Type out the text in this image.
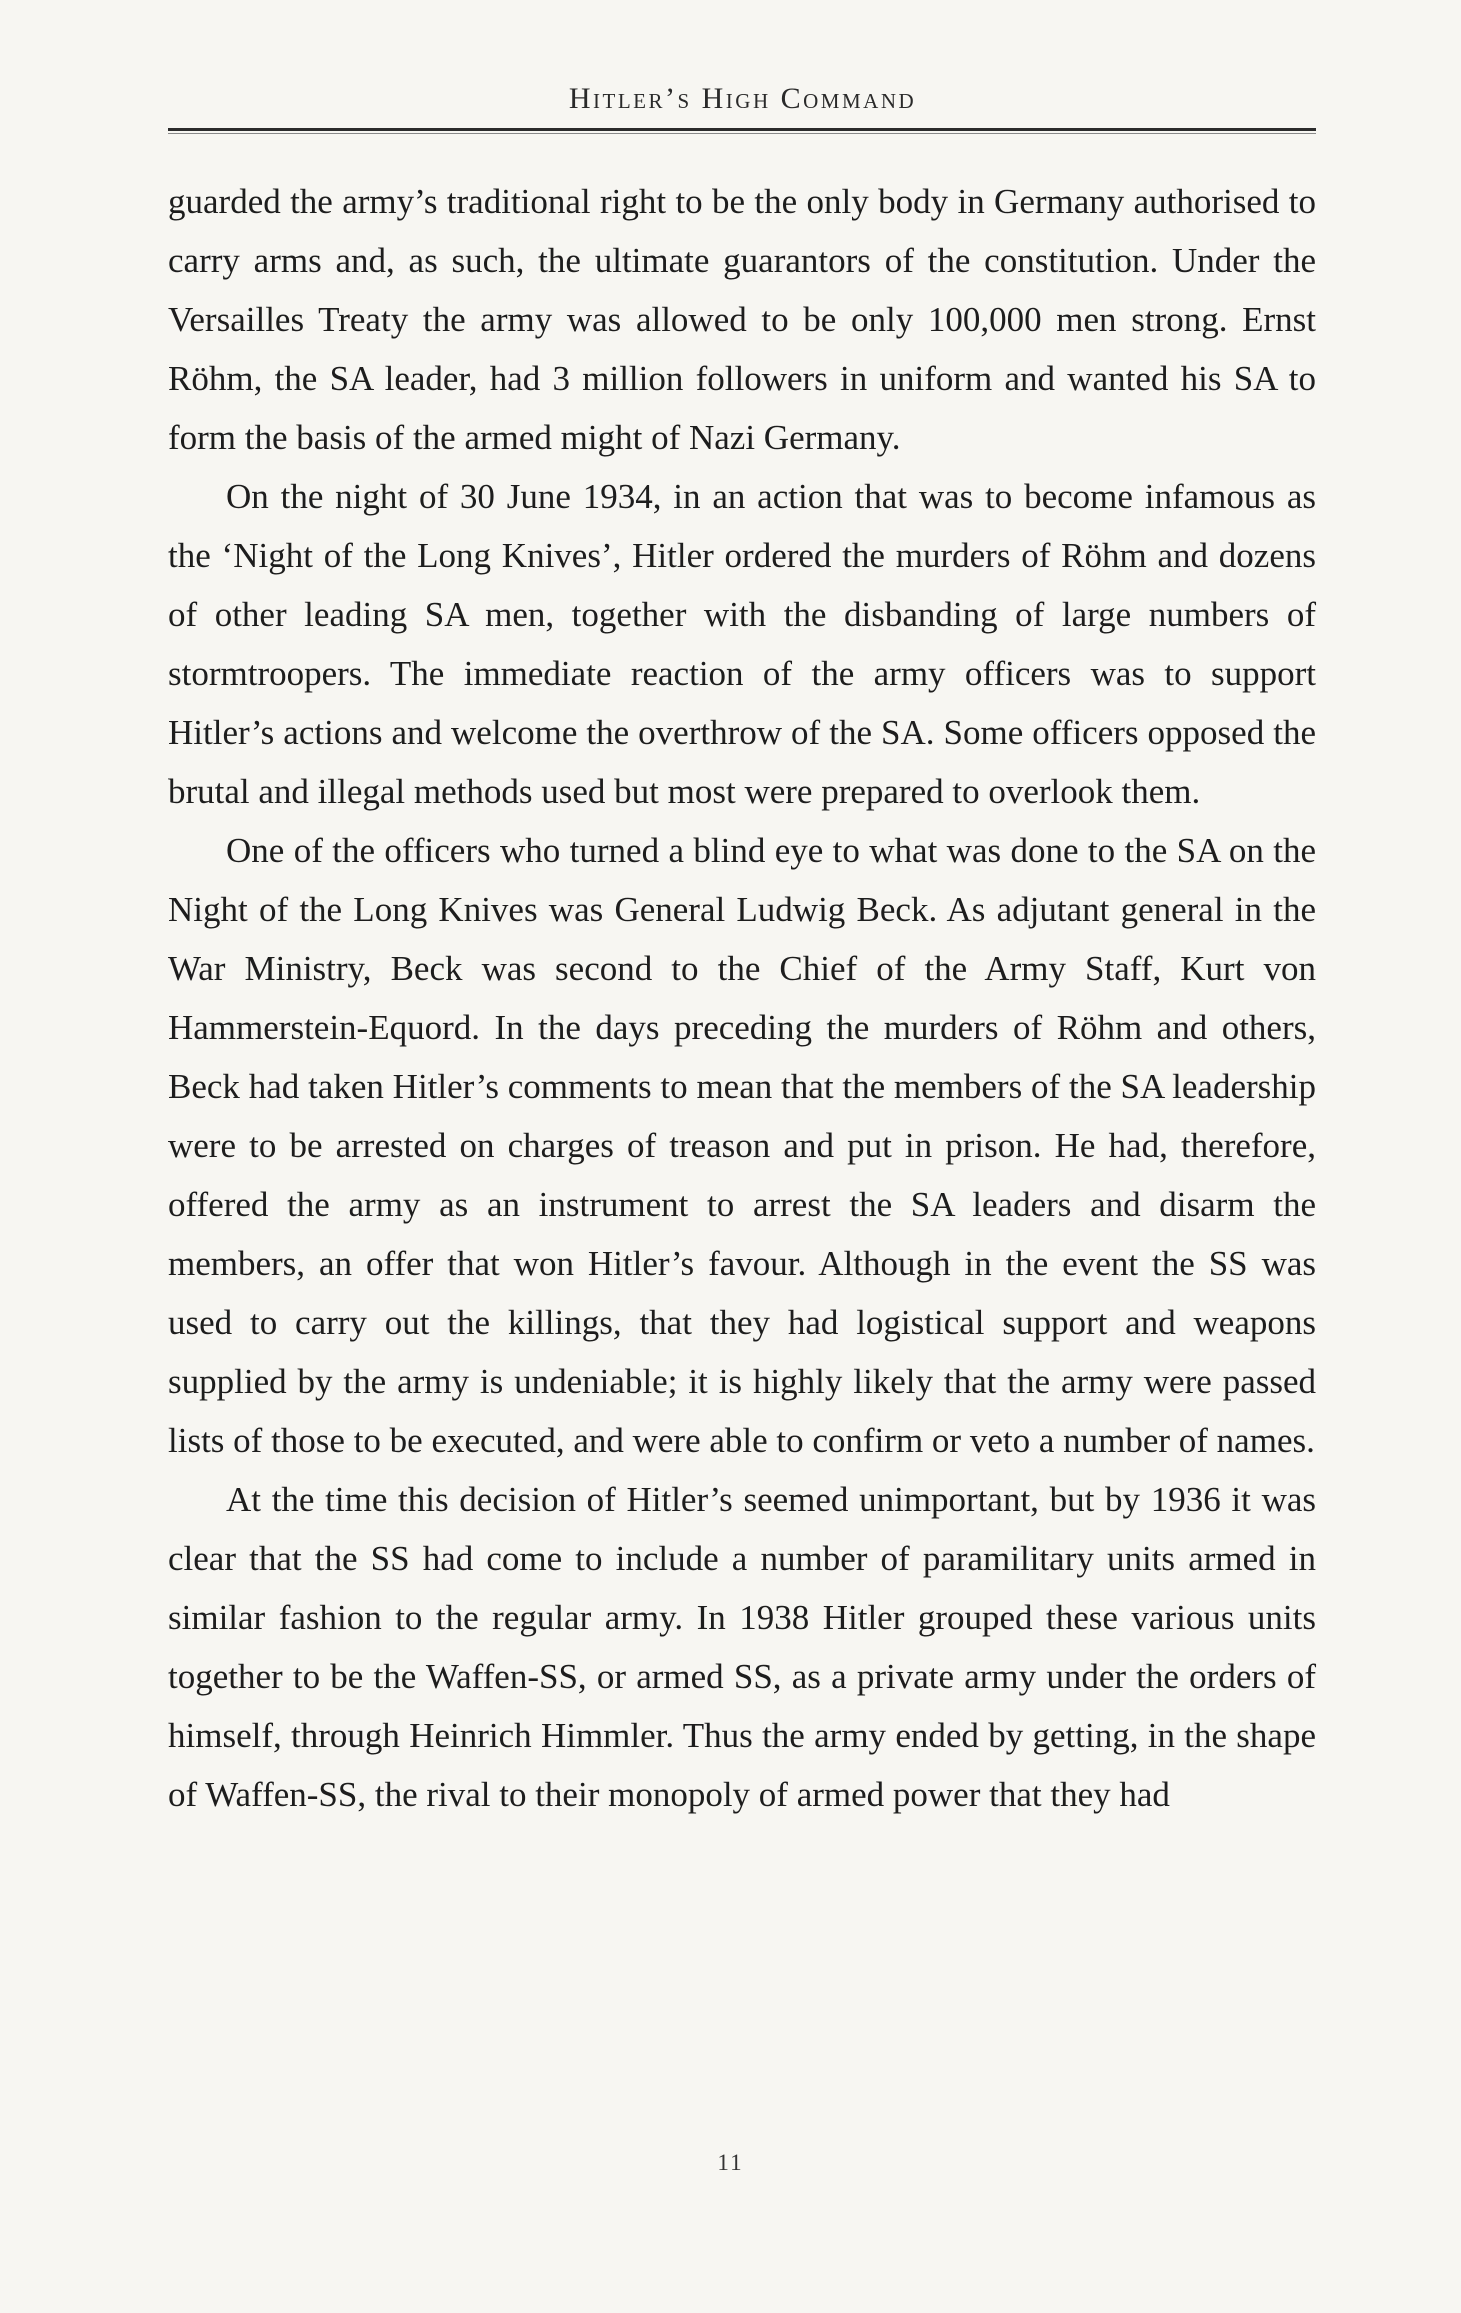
Hitler’s High Command

guarded the army’s traditional right to be the only body in Germany authorised to carry arms and, as such, the ultimate guarantors of the constitution. Under the Versailles Treaty the army was allowed to be only 100,000 men strong. Ernst Röhm, the SA leader, had 3 million followers in uniform and wanted his SA to form the basis of the armed might of Nazi Germany.

On the night of 30 June 1934, in an action that was to become infamous as the ‘Night of the Long Knives’, Hitler ordered the murders of Röhm and dozens of other leading SA men, together with the disbanding of large numbers of stormtroopers. The immediate reaction of the army officers was to support Hitler’s actions and welcome the overthrow of the SA. Some officers opposed the brutal and illegal methods used but most were prepared to overlook them.

One of the officers who turned a blind eye to what was done to the SA on the Night of the Long Knives was General Ludwig Beck. As adjutant general in the War Ministry, Beck was second to the Chief of the Army Staff, Kurt von Hammerstein-Equord. In the days preceding the murders of Röhm and others, Beck had taken Hitler’s comments to mean that the members of the SA leadership were to be arrested on charges of treason and put in prison. He had, therefore, offered the army as an instrument to arrest the SA leaders and disarm the members, an offer that won Hitler’s favour. Although in the event the SS was used to carry out the killings, that they had logistical support and weapons supplied by the army is undeniable; it is highly likely that the army were passed lists of those to be executed, and were able to confirm or veto a number of names.

At the time this decision of Hitler’s seemed unimportant, but by 1936 it was clear that the SS had come to include a number of paramilitary units armed in similar fashion to the regular army. In 1938 Hitler grouped these various units together to be the Waffen-SS, or armed SS, as a private army under the orders of himself, through Heinrich Himmler. Thus the army ended by getting, in the shape of Waffen-SS, the rival to their monopoly of armed power that they had

11
